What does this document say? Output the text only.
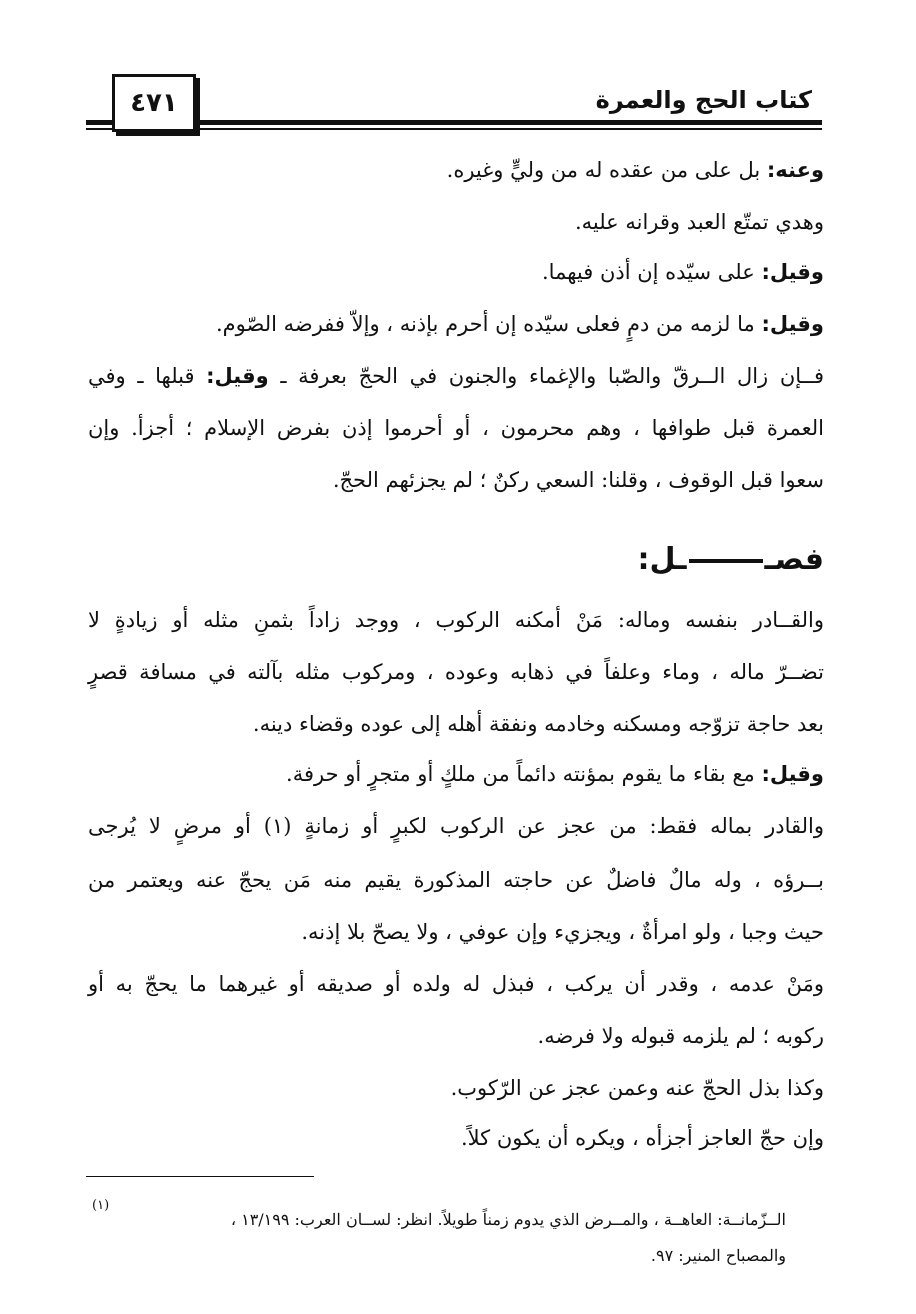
٤٧١	كتاب الحج والعمرة
وعنه: بل على من عقده له من وليٍّ وغيره.
وهدي تمتّع العبد وقرانه عليه.
وقيل: على سيّده إن أذن فيهما.
وقيل: ما لزمه من دمٍ فعلى سيّده إن أحرم بإذنه ، وإلاّ ففرضه الصّوم.
فــإن زال الــرقّ والصّبا والإغماء والجنون في الحجّ بعرفة ـ وقيل: قبلها ـ وفي
العمرة قبل طوافها ، وهم محرمون ، أو أحرموا إذن بفرض الإسلام ؛ أجزأ. وإن
سعوا قبل الوقوف ، وقلنا: السعي ركنٌ ؛ لم يجزئهم الحجّ.
فصــل:
والقــادر بنفسه وماله: مَنْ أمكنه الركوب ، ووجد زاداً بثمنِ مثله أو زيادةٍ لا
تضــرّ ماله ، وماء وعلفاً في ذهابه وعوده ، ومركوب مثله بآلته في مسافة قصرٍ
بعد حاجة تزوّجه ومسكنه وخادمه ونفقة أهله إلى عوده وقضاء دينه.
وقيل: مع بقاء ما يقوم بمؤنته دائماً من ملكٍ أو متجرٍ أو حرفة.
والقادر بماله فقط: من عجز عن الركوب لكبرٍ أو زمانةٍ (١) أو مرضٍ لا يُرجى
بــرؤه ، وله مالٌ فاضلٌ عن حاجته المذكورة يقيم منه مَن يحجّ عنه ويعتمر من
حيث وجبا ، ولو امرأةٌ ، ويجزيء وإن عوفي ، ولا يصحّ بلا إذنه.
ومَنْ عدمه ، وقدر أن يركب ، فبذل له ولده أو صديقه أو غيرهما ما يحجّ به أو
ركوبه ؛ لم يلزمه قبوله ولا فرضه.
وكذا بذل الحجّ عنه وعمن عجز عن الرّكوب.
وإن حجّ العاجز أجزأه ، ويكره أن يكون كلاً.
(١)
الــزّمانــة: العاهــة ، والمــرض الذي يدوم زمناً طويلاً. انظر: لســان العرب: ١٣/١٩٩ ،
والمصباح المنير: ٩٧.
